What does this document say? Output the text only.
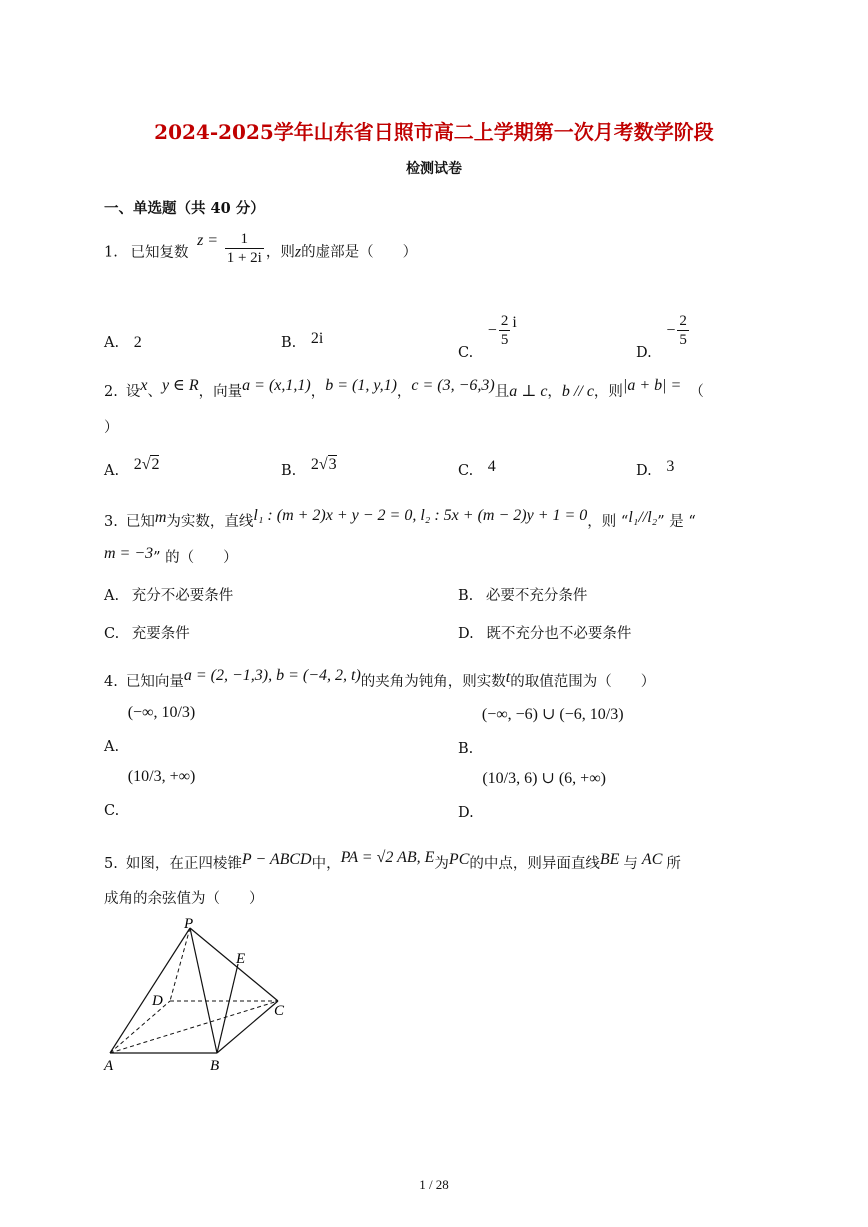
2024-2025学年山东省日照市高二上学期第一次月考数学阶段
检测试卷
一、单选题（共 40 分）
1. 已知复数 $z = \frac{1}{1 + 2i}$ ，则z的虚部是（　　）
A. 2	B. 2i
C. − $\frac{2}{5}$ i
D. − $\frac{2}{5}$
2. 设x、y ∈ R，向量a = (x,1,1)，b = (1, y,1)，c = (3, −6,3)且a ⊥ c，b // c，则|a + b| = （
）
A. 2√2	B. 2√3	C. 4	D. 3
3. 已知m为实数，直线l₁ : (m + 2)x + y − 2 = 0, l₂ : 5x + (m − 2)y + 1 = 0，则 “l₁//l₂” 是 “
m = −3” 的（　　）
A. 充分不必要条件	B. 必要不充分条件
C. 充要条件	D. 既不充分也不必要条件
4. 已知向量a = (2, −1,3), b = (−4, 2, t)的夹角为钝角，则实数t的取值范围为（　　）
A. (−∞, 10/3)
B. (−∞, −6) ∪ (−6, 10/3)
C. (10/3, +∞)
D. (10/3, 6) ∪ (6, +∞)
5. 如图，在正四棱锥P − ABCD中，PA = √2 AB, E为PC的中点，则异面直线BE 与 AC 所
成角的余弦值为（　　）
P
E
D
C
A	B
1 / 28
